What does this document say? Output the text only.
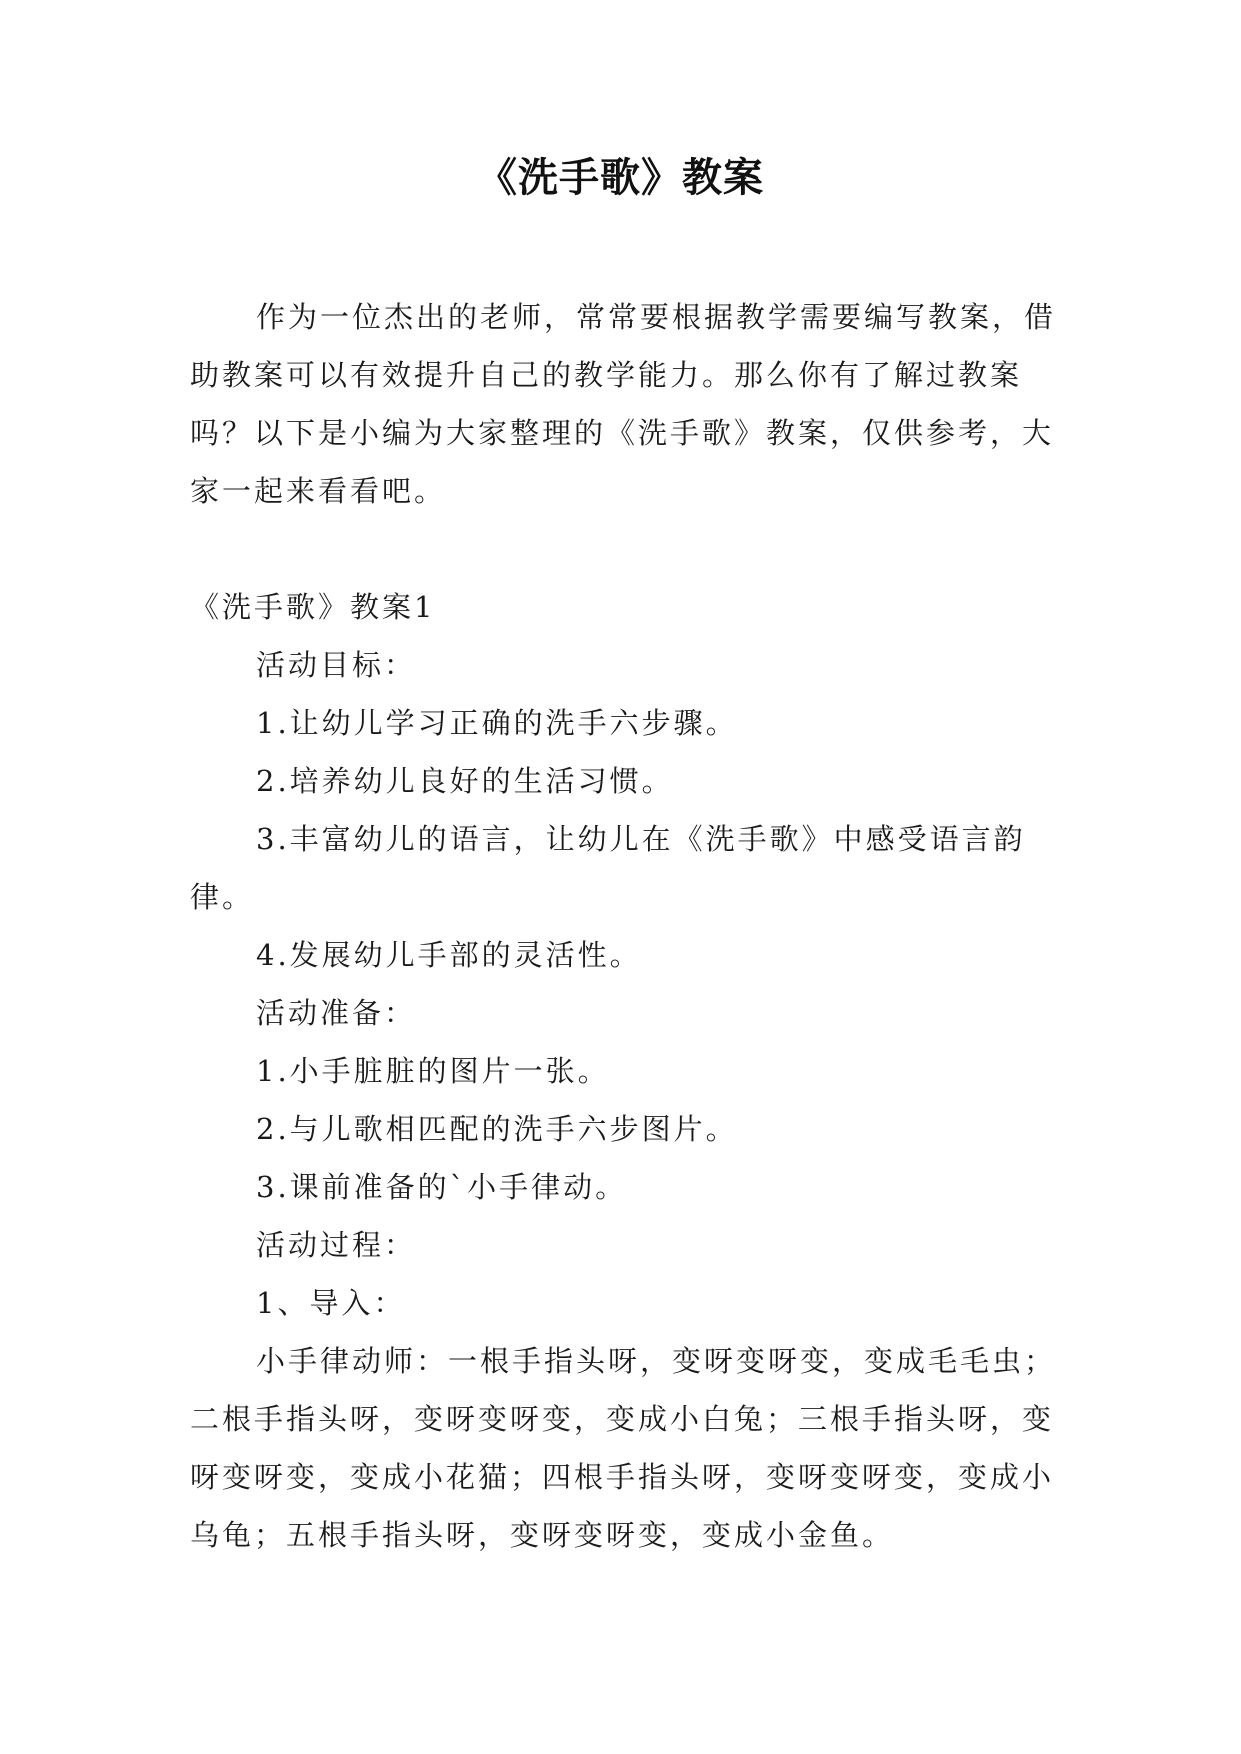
《洗手歌》教案

作为一位杰出的老师，常常要根据教学需要编写教案，借助教案可以有效提升自己的教学能力。那么你有了解过教案吗？以下是小编为大家整理的《洗手歌》教案，仅供参考，大家一起来看看吧。

《洗手歌》教案1

活动目标：

1.让幼儿学习正确的洗手六步骤。

2.培养幼儿良好的生活习惯。

3.丰富幼儿的语言，让幼儿在《洗手歌》中感受语言韵律。

4.发展幼儿手部的灵活性。

活动准备：

1.小手脏脏的图片一张。

2.与儿歌相匹配的洗手六步图片。

3.课前准备的`小手律动。

活动过程：

1、导入：

小手律动师：一根手指头呀，变呀变呀变，变成毛毛虫；二根手指头呀，变呀变呀变，变成小白兔；三根手指头呀，变呀变呀变，变成小花猫；四根手指头呀，变呀变呀变，变成小乌龟；五根手指头呀，变呀变呀变，变成小金鱼。
